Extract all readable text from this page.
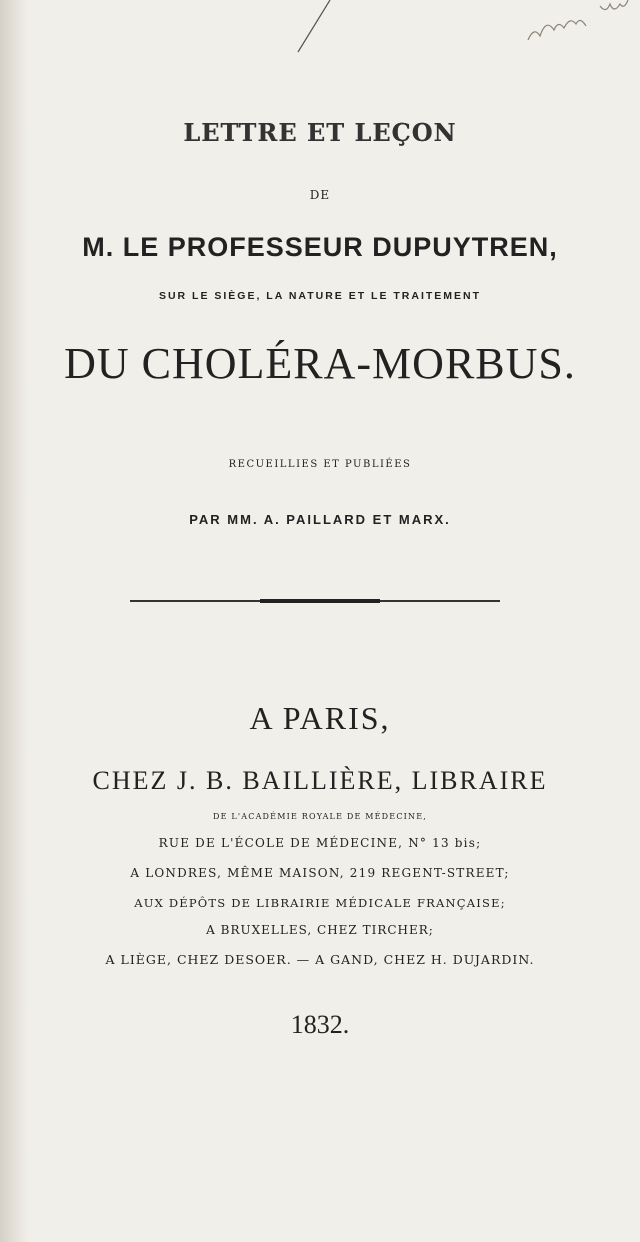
LETTRE ET LEÇON
DE
M. LE PROFESSEUR DUPUYTREN,
SUR LE SIÈGE, LA NATURE ET LE TRAITEMENT
DU CHOLÉRA-MORBUS.
RECUEILLIES ET PUBLIÉES
PAR MM. A. PAILLARD ET MARX.
A PARIS,
CHEZ J. B. BAILLIÈRE, LIBRAIRE
DE L'ACADÉMIE ROYALE DE MÉDECINE,
RUE DE L'ÉCOLE DE MÉDECINE, N° 13 bis;
A LONDRES, MÊME MAISON, 219 REGENT-STREET;
AUX DÉPÔTS DE LIBRAIRIE MÉDICALE FRANÇAISE;
A BRUXELLES, CHEZ TIRCHER;
A LIÈGE, CHEZ DESOER. — A GAND, CHEZ H. DUJARDIN.
1832.
